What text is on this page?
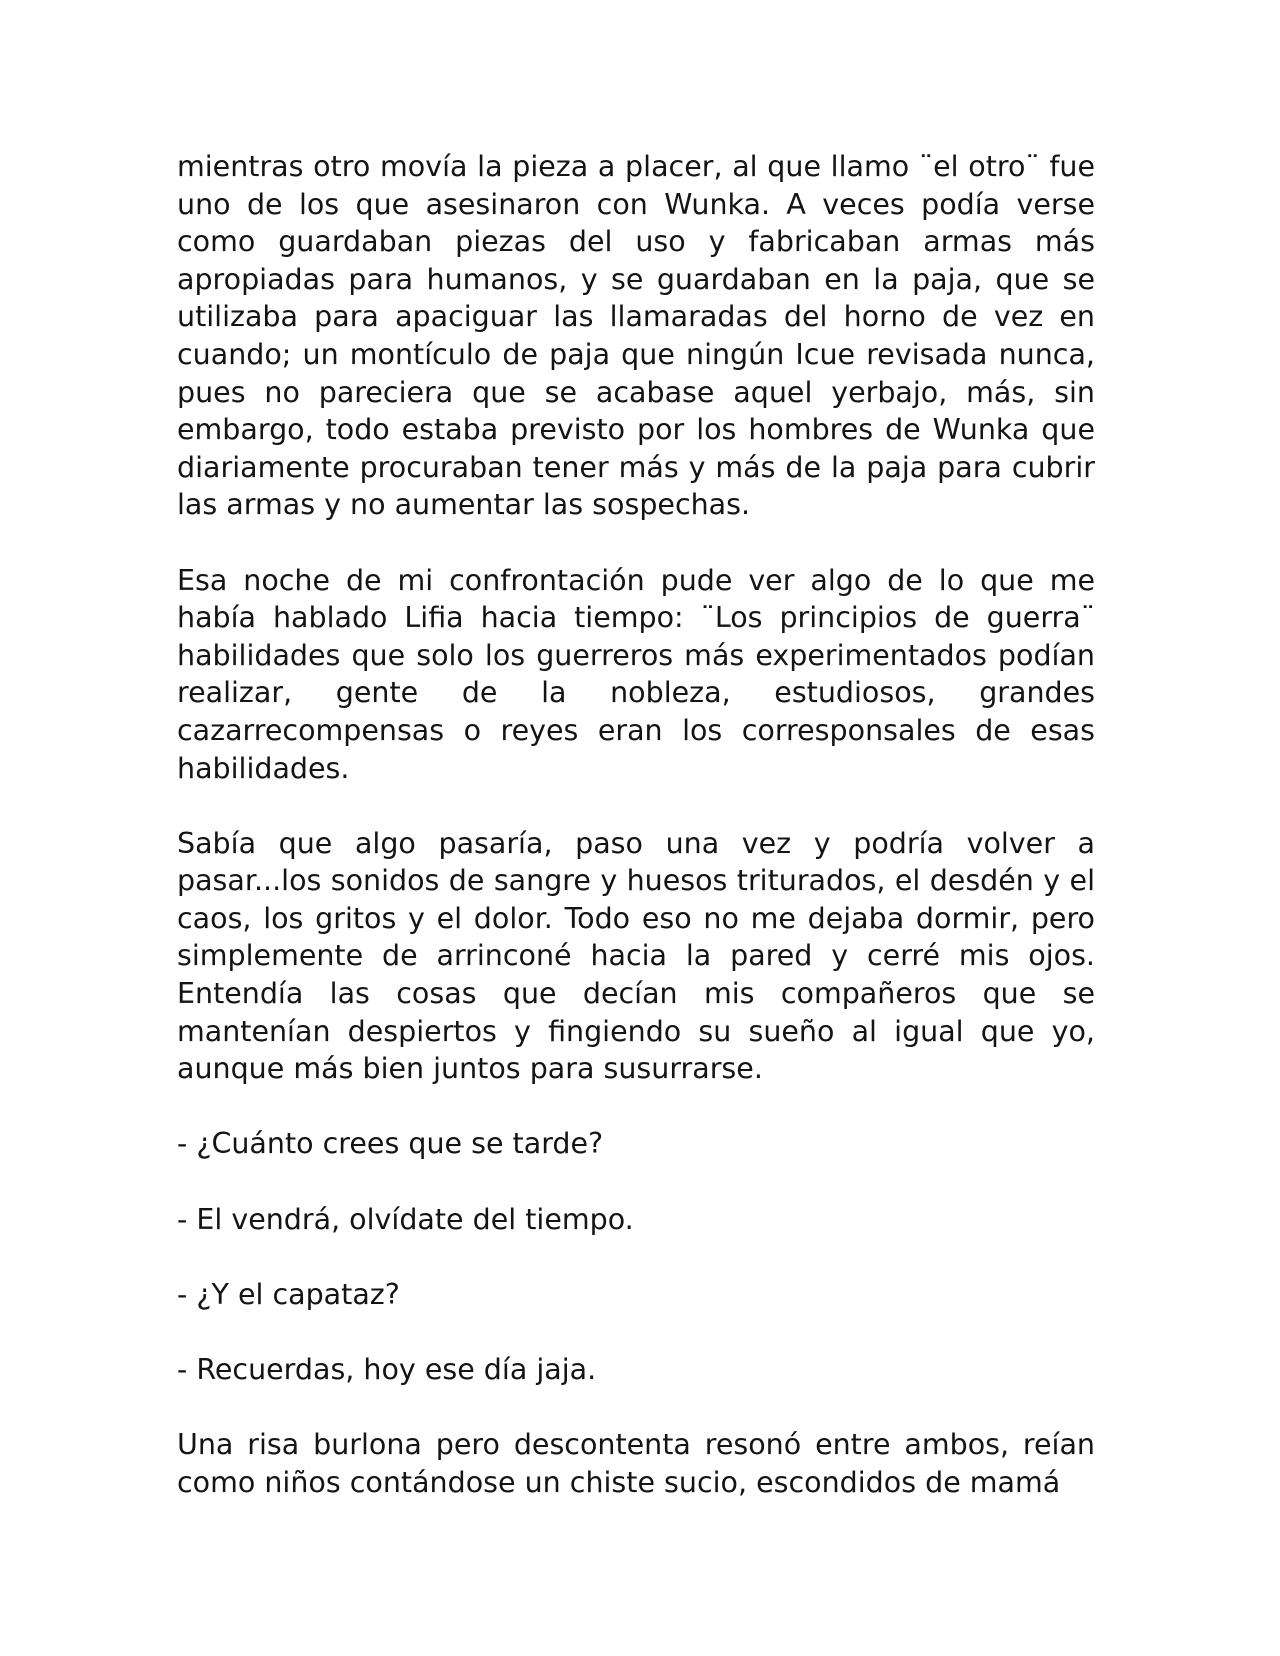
mientras otro movía la pieza a placer, al que llamo ¨el otro¨ fue uno de los que asesinaron con Wunka. A veces podía verse como guardaban piezas del uso y fabricaban armas más apropiadas para humanos, y se guardaban en la paja, que se utilizaba para apaciguar las llamaradas del horno de vez en cuando; un montículo de paja que ningún Icue revisada nunca, pues no pareciera que se acabase aquel yerbajo, más, sin embargo, todo estaba previsto por los hombres de Wunka que diariamente procuraban tener más y más de la paja para cubrir las armas y no aumentar las sospechas.

Esa noche de mi confrontación pude ver algo de lo que me había hablado Lifia hacia tiempo: ¨Los principios de guerra¨ habilidades que solo los guerreros más experimentados podían realizar, gente de la nobleza, estudiosos, grandes cazarrecompensas o reyes eran los corresponsales de esas habilidades.

Sabía que algo pasaría, paso una vez y podría volver a pasar...los sonidos de sangre y huesos triturados, el desdén y el caos, los gritos y el dolor. Todo eso no me dejaba dormir, pero simplemente de arrinconé hacia la pared y cerré mis ojos. Entendía las cosas que decían mis compañeros que se mantenían despiertos y fingiendo su sueño al igual que yo, aunque más bien juntos para susurrarse.

- ¿Cuánto crees que se tarde?

- El vendrá, olvídate del tiempo.

- ¿Y el capataz?

- Recuerdas, hoy ese día jaja.

Una risa burlona pero descontenta resonó entre ambos, reían como niños contándose un chiste sucio, escondidos de mamá
